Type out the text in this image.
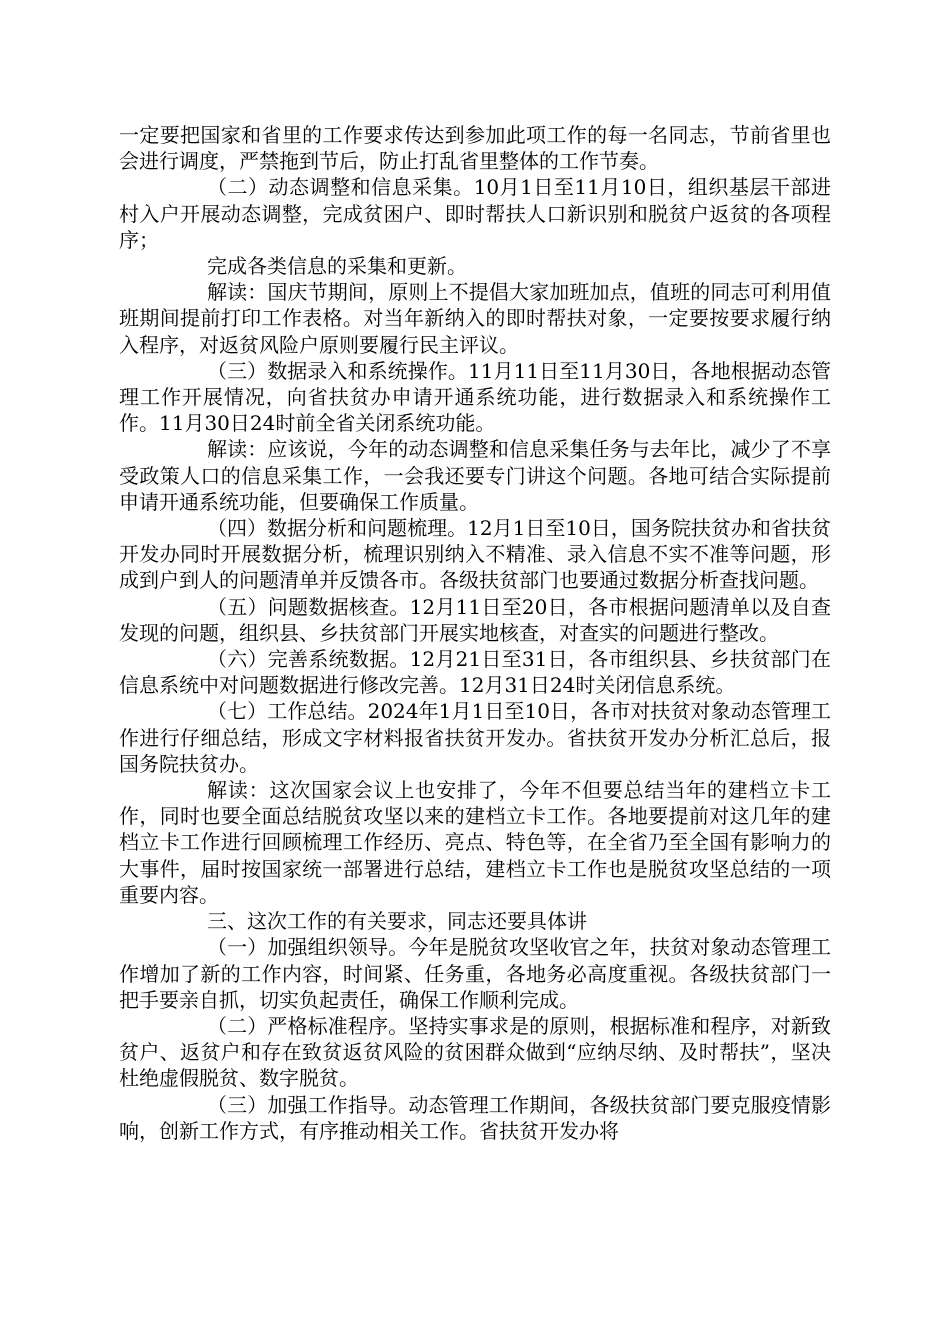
一定要把国家和省里的工作要求传达到参加此项工作的每一名同志，节前省里也会进行调度，严禁拖到节后，防止打乱省里整体的工作节奏。

（二）动态调整和信息采集。10月1日至11月10日，组织基层干部进村入户开展动态调整，完成贫困户、即时帮扶人口新识别和脱贫户返贫的各项程序；

完成各类信息的采集和更新。

解读：国庆节期间，原则上不提倡大家加班加点，值班的同志可利用值班期间提前打印工作表格。对当年新纳入的即时帮扶对象，一定要按要求履行纳入程序，对返贫风险户原则要履行民主评议。

（三）数据录入和系统操作。11月11日至11月30日，各地根据动态管理工作开展情况，向省扶贫办申请开通系统功能，进行数据录入和系统操作工作。11月30日24时前全省关闭系统功能。

解读：应该说，今年的动态调整和信息采集任务与去年比，减少了不享受政策人口的信息采集工作，一会我还要专门讲这个问题。各地可结合实际提前申请开通系统功能，但要确保工作质量。

（四）数据分析和问题梳理。12月1日至10日，国务院扶贫办和省扶贫开发办同时开展数据分析，梳理识别纳入不精准、录入信息不实不准等问题，形成到户到人的问题清单并反馈各市。各级扶贫部门也要通过数据分析查找问题。

（五）问题数据核查。12月11日至20日，各市根据问题清单以及自查发现的问题，组织县、乡扶贫部门开展实地核查，对查实的问题进行整改。

（六）完善系统数据。12月21日至31日，各市组织县、乡扶贫部门在信息系统中对问题数据进行修改完善。12月31日24时关闭信息系统。

（七）工作总结。2024年1月1日至10日，各市对扶贫对象动态管理工作进行仔细总结，形成文字材料报省扶贫开发办。省扶贫开发办分析汇总后，报国务院扶贫办。

解读：这次国家会议上也安排了，今年不但要总结当年的建档立卡工作，同时也要全面总结脱贫攻坚以来的建档立卡工作。各地要提前对这几年的建档立卡工作进行回顾梳理工作经历、亮点、特色等，在全省乃至全国有影响力的大事件，届时按国家统一部署进行总结，建档立卡工作也是脱贫攻坚总结的一项重要内容。

三、这次工作的有关要求，同志还要具体讲

（一）加强组织领导。今年是脱贫攻坚收官之年，扶贫对象动态管理工作增加了新的工作内容，时间紧、任务重，各地务必高度重视。各级扶贫部门一把手要亲自抓，切实负起责任，确保工作顺利完成。

（二）严格标准程序。坚持实事求是的原则，根据标准和程序，对新致贫户、返贫户和存在致贫返贫风险的贫困群众做到“应纳尽纳、及时帮扶”，坚决杜绝虚假脱贫、数字脱贫。

（三）加强工作指导。动态管理工作期间，各级扶贫部门要克服疫情影响，创新工作方式，有序推动相关工作。省扶贫开发办将
